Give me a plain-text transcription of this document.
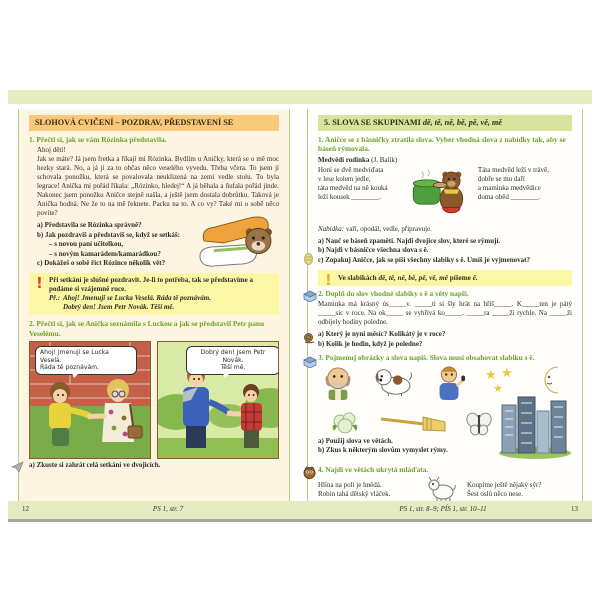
SLOHOVÁ CVIČENÍ – POZDRAV, PŘEDSTAVENÍ SE
1. Přečti si, jak se vám Rózinka představila.
Ahoj děti!
Jak se máte? Já jsem fretka a říkají mi Rózinka. Bydlím u Aničky, která se o mě moc hezky stará. No, a já jí za to občas něco veselého vyvedu. Třeba včera. To jsem jí schovala ponožku, která se povalovala neuklizená na zemi vedle stolu. To byla legrace! Anička mi pořád říkala: „Rózinko, hledej!“ A já běhala a ňufala pořád jinde. Nakonec jsem ponožku Aničce stejně našla, a ještě jsem dostala dobrůtku. Taková je Anička hodná. Ne že to na mě řeknete. Packu na to. A co vy? Také mi o sobě něco povíte?
a) Představila se Rózinka správně?
b) Jak pozdravíš a představíš se, když se setkáš:
– s novou paní učitelkou,
– s novým kamarádem/kamarádkou?
c) Dokážeš o sobě říct Rózince několik vět?
! Při setkání je slušné pozdravit. Je-li to potřeba, tak se představíme a podáme si vzájemně ruce.
Př.: Ahoj! Jmenuji se Lucka Veselá. Ráda tě poznávám.
Dobrý den! Jsem Petr Novák. Těší mě.
2. Přečti si, jak se Anička seznámila s Luckou a jak se představil Petr panu Veselému.
Ahoj! Jmenuji se Lucka Veselá.
Ráda tě poznávám.
Dobrý den! Jsem Petr Novák.
Těší mě.
a) Zkuste si zahrát celá setkání ve dvojicích.
5. SLOVA SE SKUPINAMI dě, tě, ně, bě, pě, vě, mě
1. Aničce se z básničky ztratila slova. Vyber vhodná slova z nabídky tak, aby se báseň rýmovala.
Medvědí rodinka (J. Balík)
Honí se dvě medvíďata
v lese kolem jedle,
táta medvěd na ně kouká
leží kousek ________.
Táta medvěd leží v trávě,
dobře se mu daří
a maminka medvědice
doma oběd ________.
Nabídka: vaří, opodál, vedle, připravuje.
a) Nauč se báseň zpaměti. Najdi dvojice slov, které se rýmují.
b) Najdi v básničce všechna slova s ě.
c) Zopakuj Aničce, jak se píší všechny slabiky s ě. Umíš je vyjmenovat?
! Ve slabikách dě, tě, ně, bě, pě, vě, mě píšeme ě.
2. Doplň do slov vhodné slabiky s ě a věty napiš.
Maminka má krásný ús_____v. _____ti si šly hrát na hřiš_____. K_____ten je pátý _____síc v roce. Na ok_____ se vyhřívá ko_____. _____ra _____ží rychle. Na _____ži odbíjely hodiny poledne.
a) Který je nyní měsíc? Kolikátý je v roce?
b) Kolik je hodin, když je poledne?
3. Pojmenuj obrázky a slova napiš. Slova musí obsahovat slabiku s ě.
★ ★
★
a) Použij slova ve větách.
b) Zkus k některým slovům vymyslet rýmy.
4. Najdi ve větách ukrytá mláďata.
Hlína na poli je hnědá.
Robin tahá dětský vláček.
Koupíme ještě nějaký sýr?
Šest oslů něco nese.
12	PS 1, str. 7	PS 1, str. 8–9; PÍS 1, str. 10–11	13
